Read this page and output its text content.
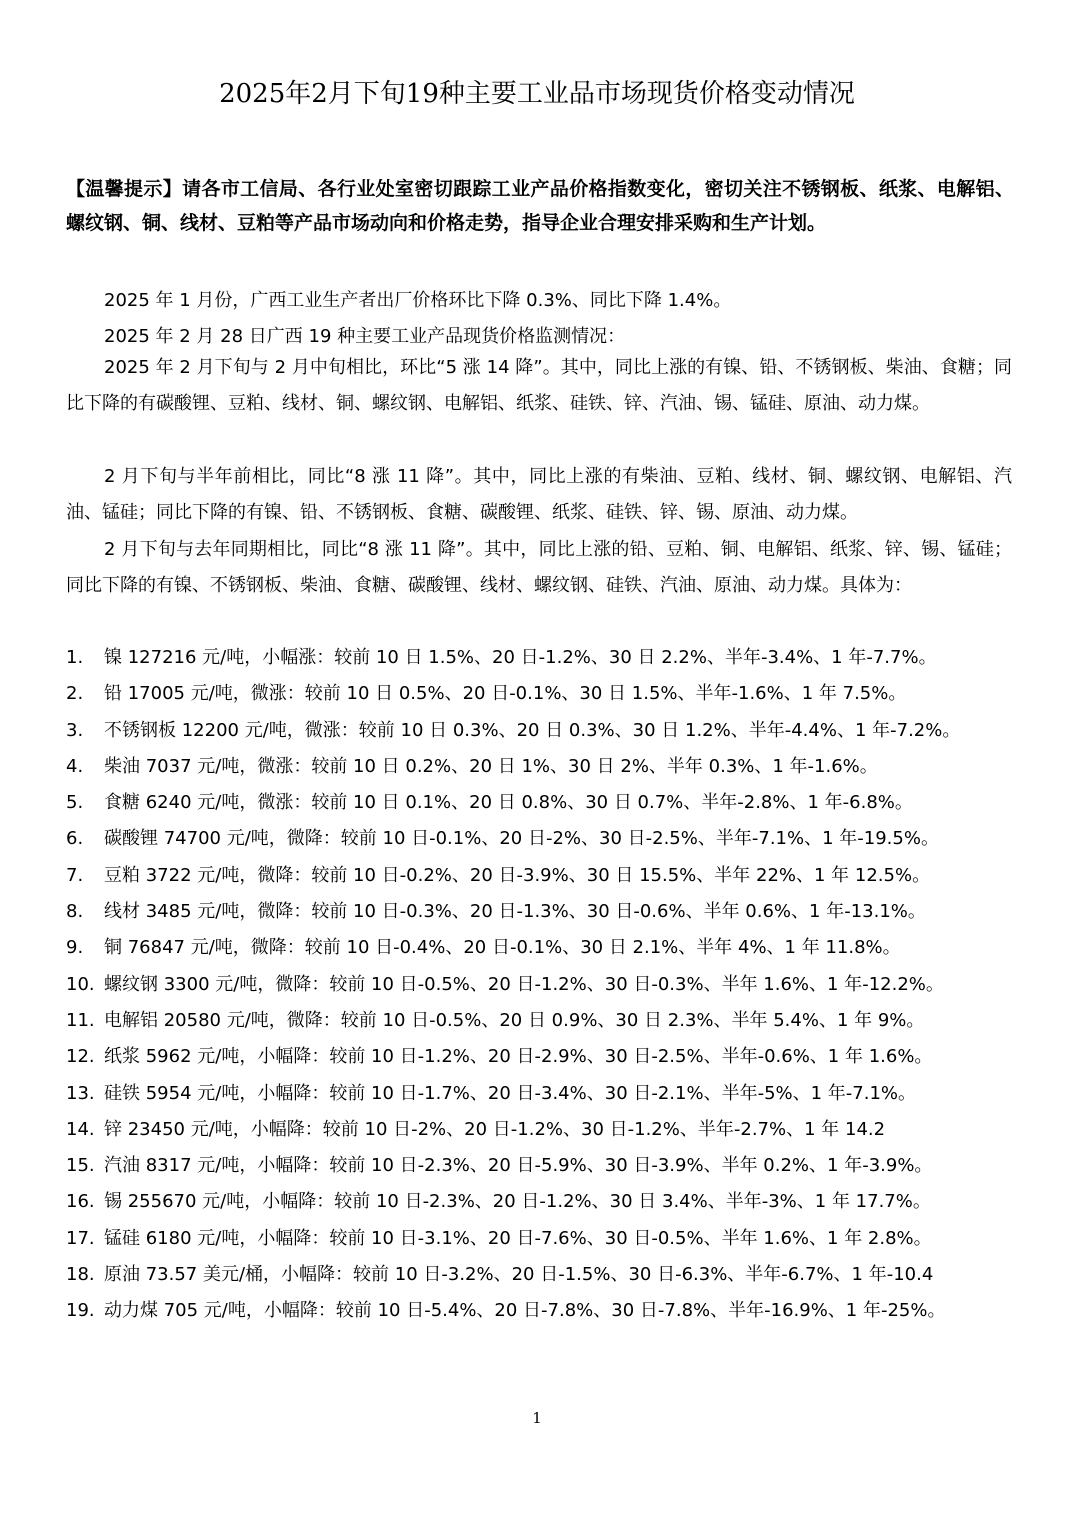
2025年2月下旬19种主要工业品市场现货价格变动情况
【温馨提示】请各市工信局、各行业处室密切跟踪工业产品价格指数变化，密切关注不锈钢板、纸浆、电解铝、螺纹钢、铜、线材、豆粕等产品市场动向和价格走势，指导企业合理安排采购和生产计划。

2025 年 1 月份，广西工业生产者出厂价格环比下降 0.3%、同比下降 1.4%。

2025 年 2 月 28 日广西 19 种主要工业产品现货价格监测情况：

2025 年 2 月下旬与 2 月中旬相比，环比“5 涨 14 降”。其中，同比上涨的有镍、铅、不锈钢板、柴油、食糖；同比下降的有碳酸锂、豆粕、线材、铜、螺纹钢、电解铝、纸浆、硅铁、锌、汽油、锡、锰硅、原油、动力煤。

2 月下旬与半年前相比，同比“8 涨 11 降”。其中，同比上涨的有柴油、豆粕、线材、铜、螺纹钢、电解铝、汽油、锰硅；同比下降的有镍、铅、不锈钢板、食糖、碳酸锂、纸浆、硅铁、锌、锡、原油、动力煤。

2 月下旬与去年同期相比，同比“8 涨 11 降”。其中，同比上涨的铅、豆粕、铜、电解铝、纸浆、锌、锡、锰硅；同比下降的有镍、不锈钢板、柴油、食糖、碳酸锂、线材、螺纹钢、硅铁、汽油、原油、动力煤。具体为：

1.	镍 127216 元/吨，小幅涨：较前 10 日 1.5%、20 日-1.2%、30 日 2.2%、半年-3.4%、1 年-7.7%。
2.	铅 17005 元/吨，微涨：较前 10 日 0.5%、20 日-0.1%、30 日 1.5%、半年-1.6%、1 年 7.5%。
3.	不锈钢板 12200 元/吨，微涨：较前 10 日 0.3%、20 日 0.3%、30 日 1.2%、半年-4.4%、1 年-7.2%。
4.	柴油 7037 元/吨，微涨：较前 10 日 0.2%、20 日 1%、30 日 2%、半年 0.3%、1 年-1.6%。
5.	食糖 6240 元/吨，微涨：较前 10 日 0.1%、20 日 0.8%、30 日 0.7%、半年-2.8%、1 年-6.8%。
6.	碳酸锂 74700 元/吨，微降：较前 10 日-0.1%、20 日-2%、30 日-2.5%、半年-7.1%、1 年-19.5%。
7.	豆粕 3722 元/吨，微降：较前 10 日-0.2%、20 日-3.9%、30 日 15.5%、半年 22%、1 年 12.5%。
8.	线材 3485 元/吨，微降：较前 10 日-0.3%、20 日-1.3%、30 日-0.6%、半年 0.6%、1 年-13.1%。
9.	铜 76847 元/吨，微降：较前 10 日-0.4%、20 日-0.1%、30 日 2.1%、半年 4%、1 年 11.8%。
10. 螺纹钢 3300 元/吨，微降：较前 10 日-0.5%、20 日-1.2%、30 日-0.3%、半年 1.6%、1 年-12.2%。
11. 电解铝 20580 元/吨，微降：较前 10 日-0.5%、20 日 0.9%、30 日 2.3%、半年 5.4%、1 年 9%。
12. 纸浆 5962 元/吨，小幅降：较前 10 日-1.2%、20 日-2.9%、30 日-2.5%、半年-0.6%、1 年 1.6%。
13. 硅铁 5954 元/吨，小幅降：较前 10 日-1.7%、20 日-3.4%、30 日-2.1%、半年-5%、1 年-7.1%。
14. 锌 23450 元/吨，小幅降：较前 10 日-2%、20 日-1.2%、30 日-1.2%、半年-2.7%、1 年 14.2
15. 汽油 8317 元/吨，小幅降：较前 10 日-2.3%、20 日-5.9%、30 日-3.9%、半年 0.2%、1 年-3.9%。
16. 锡 255670 元/吨，小幅降：较前 10 日-2.3%、20 日-1.2%、30 日 3.4%、半年-3%、1 年 17.7%。
17. 锰硅 6180 元/吨，小幅降：较前 10 日-3.1%、20 日-7.6%、30 日-0.5%、半年 1.6%、1 年 2.8%。
18. 原油 73.57 美元/桶，小幅降：较前 10 日-3.2%、20 日-1.5%、30 日-6.3%、半年-6.7%、1 年-10.4
19. 动力煤 705 元/吨，小幅降：较前 10 日-5.4%、20 日-7.8%、30 日-7.8%、半年-16.9%、1 年-25%。
1
